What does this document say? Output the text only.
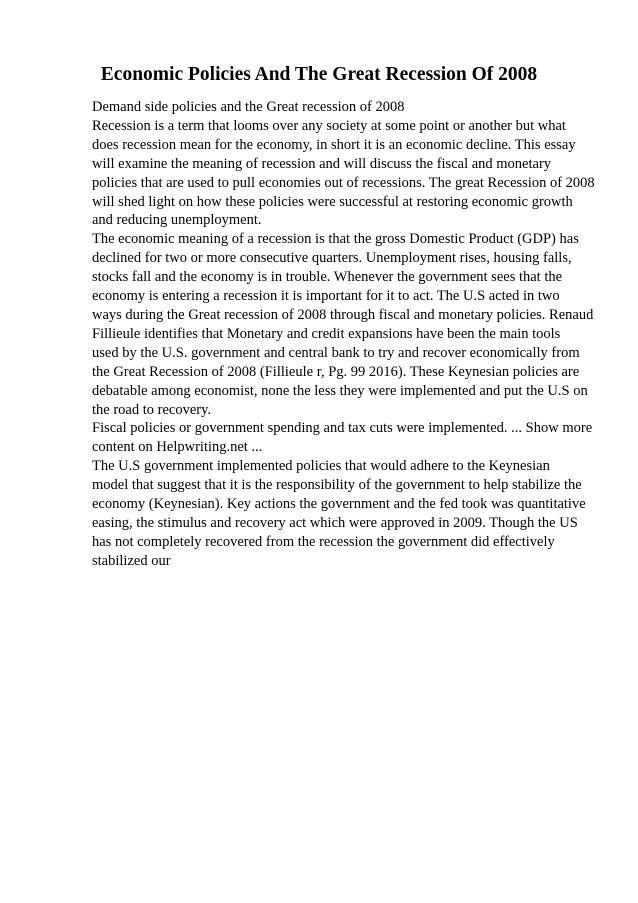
Economic Policies And The Great Recession Of 2008
Demand side policies and the Great recession of 2008
Recession is a term that looms over any society at some point or another but what
does recession mean for the economy, in short it is an economic decline. This essay
will examine the meaning of recession and will discuss the fiscal and monetary
policies that are used to pull economies out of recessions. The great Recession of 2008
will shed light on how these policies were successful at restoring economic growth
and reducing unemployment.
The economic meaning of a recession is that the gross Domestic Product (GDP) has
declined for two or more consecutive quarters. Unemployment rises, housing falls,
stocks fall and the economy is in trouble. Whenever the government sees that the
economy is entering a recession it is important for it to act. The U.S acted in two
ways during the Great recession of 2008 through fiscal and monetary policies. Renaud
Fillieule identifies that Monetary and credit expansions have been the main tools
used by the U.S. government and central bank to try and recover economically from
the Great Recession of 2008 (Fillieule r, Pg. 99 2016). These Keynesian policies are
debatable among economist, none the less they were implemented and put the U.S on
the road to recovery.
Fiscal policies or government spending and tax cuts were implemented. ... Show more
content on Helpwriting.net ...
The U.S government implemented policies that would adhere to the Keynesian
model that suggest that it is the responsibility of the government to help stabilize the
economy (Keynesian). Key actions the government and the fed took was quantitative
easing, the stimulus and recovery act which were approved in 2009. Though the US
has not completely recovered from the recession the government did effectively
stabilized our
